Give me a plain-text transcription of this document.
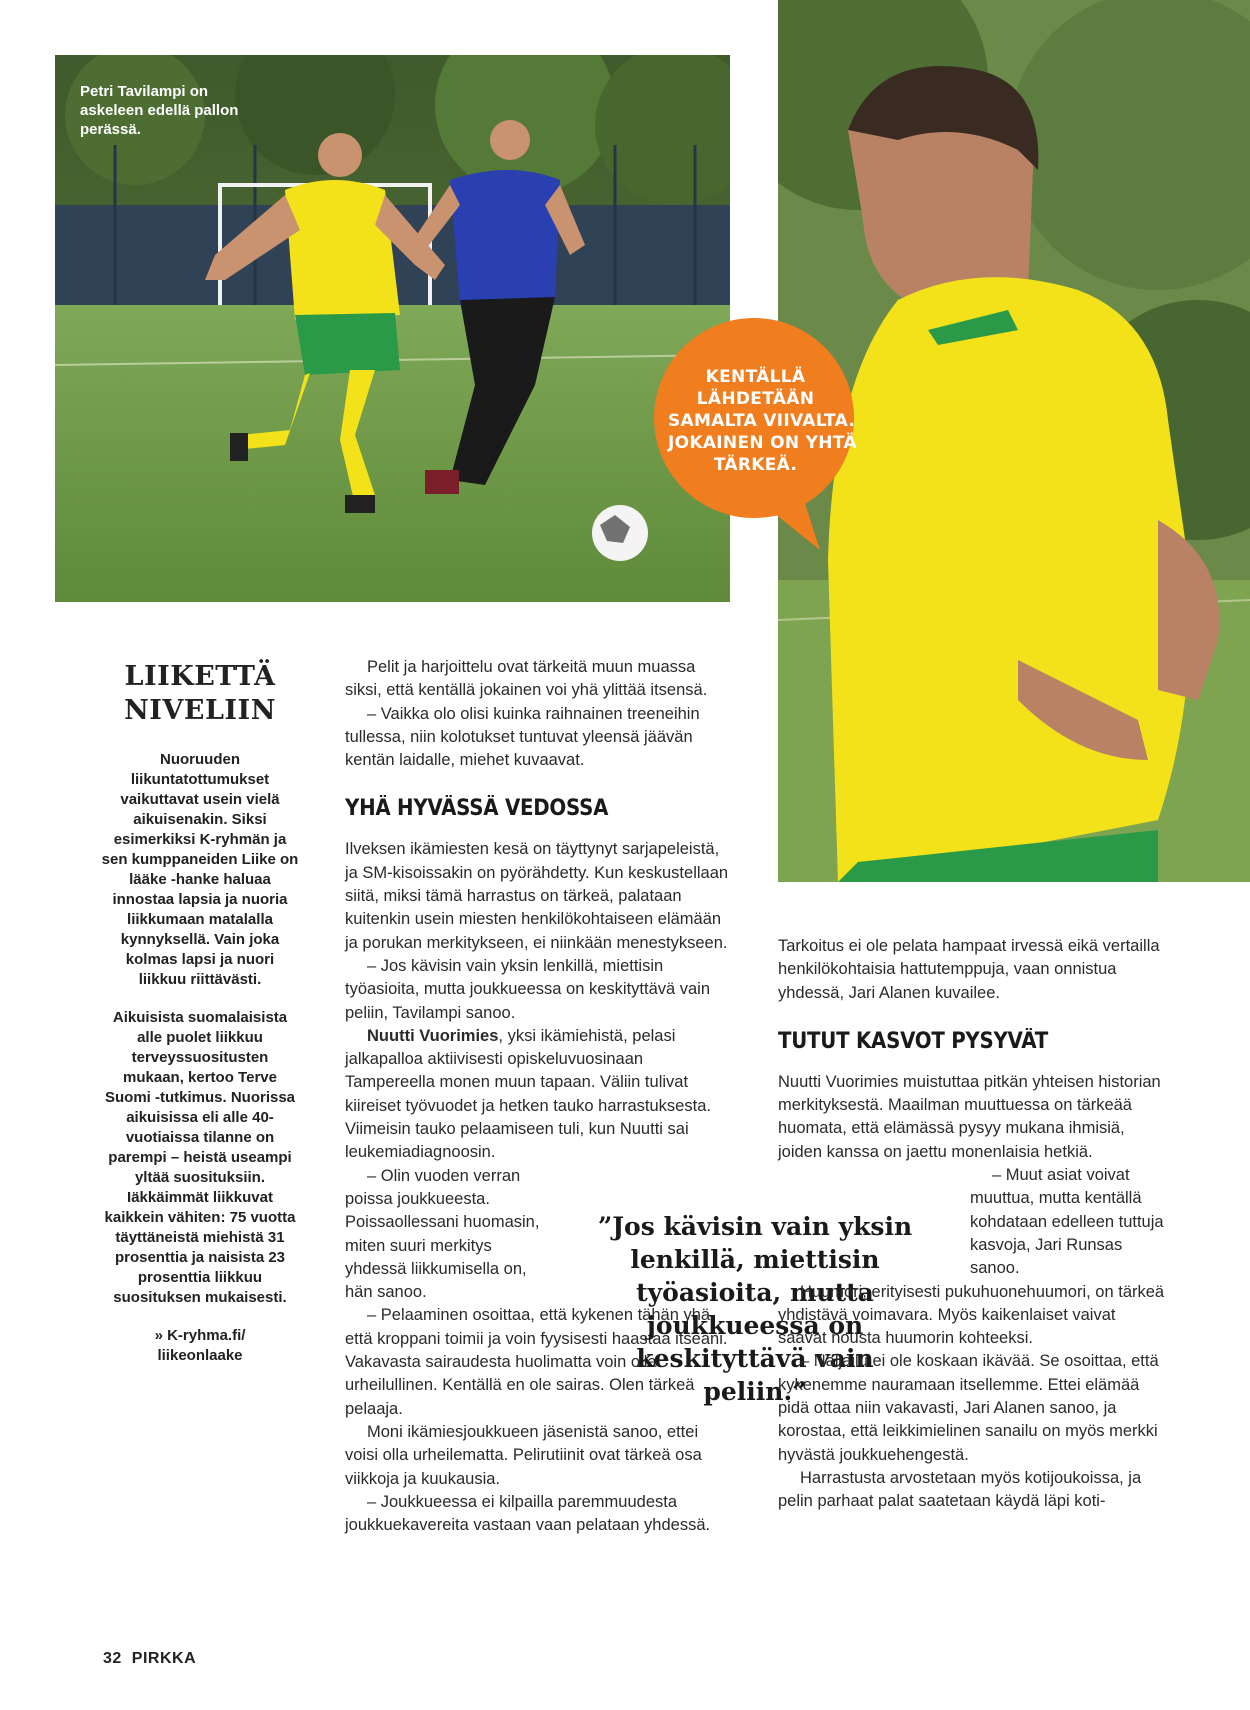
Petri Tavilampi on askeleen edellä pallon perässä.
KENTÄLLÄ
LÄHDETÄÄN
SAMALTA VIIVALTA.
JOKAINEN ON YHTÄ
TÄRKEÄ.
LIIKETTÄ
NIVELIIN

Nuoruuden liikuntatottumukset vaikuttavat usein vielä aikuisenakin. Siksi esimerkiksi K-ryhmän ja sen kumppaneiden Liike on lääke -hanke haluaa innostaa lapsia ja nuoria liikkumaan matalalla kynnyksellä. Vain joka kolmas lapsi ja nuori liikkuu riittävästi.

Aikuisista suomalaisista alle puolet liikkuu terveyssuositusten mukaan, kertoo Terve Suomi -tutkimus. Nuorissa aikuisissa eli alle 40-vuotiaissa tilanne on parempi – heistä useampi yltää suosituksiin. Iäkkäimmät liikkuvat kaikkein vähiten: 75 vuotta täyttäneistä miehistä 31 prosenttia ja naisista 23 prosenttia liikkuu suosituksen mukaisesti.

» K-ryhma.fi/
liikeonlaake

Pelit ja harjoittelu ovat tärkeitä muun muassa siksi, että kentällä jokainen voi yhä ylittää itsensä.

– Vaikka olo olisi kuinka raihnainen treeneihin tullessa, niin kolotukset tuntuvat yleensä jäävän kentän laidalle, miehet kuvaavat.

YHÄ HYVÄSSÄ VEDOSSA

Ilveksen ikämiesten kesä on täyttynyt sarjapeleistä, ja SM-kisoissakin on pyörähdetty. Kun keskustellaan siitä, miksi tämä harrastus on tärkeä, palataan kuitenkin usein miesten henkilökohtaiseen elämään ja porukan merkitykseen, ei niinkään menestykseen.

– Jos kävisin vain yksin lenkillä, miettisin työasioita, mutta joukkueessa on keskityttävä vain peliin, Tavilampi sanoo.

Nuutti Vuorimies, yksi ikämiehistä, pelasi jalkapalloa aktiivisesti opiskeluvuosinaan Tampereella monen muun tapaan. Väliin tulivat kiireiset työvuodet ja hetken tauko harrastuksesta. Viimeisin tauko pelaamiseen tuli, kun Nuutti sai leukemiadiagnoosin.

– Olin vuoden verran poissa joukkueesta. Poissaollessani huomasin, miten suuri merkitys yhdessä liikkumisella on, hän sanoo.

– Pelaaminen osoittaa, että kykenen tähän yhä, että kroppani toimii ja voin fyysisesti haastaa itseäni. Vakavasta sairaudesta huolimatta voin olla urheilullinen. Kentällä en ole sairas. Olen tärkeä pelaaja.

Moni ikämiesjoukkueen jäsenistä sanoo, ettei voisi olla urheilematta. Pelirutiinit ovat tärkeä osa viikkoja ja kuukausia.

– Joukkueessa ei kilpailla paremmuudesta joukkuekavereita vastaan vaan pelataan yhdessä.

”Jos kävisin vain yksin lenkillä, miettisin työasioita, mutta joukkueessa on keskityttävä vain peliin.”

Tarkoitus ei ole pelata hampaat irvessä eikä vertailla henkilökohtaisia hattutemppuja, vaan onnistua yhdessä, Jari Alanen kuvailee.

TUTUT KASVOT PYSYVÄT

Nuutti Vuorimies muistuttaa pitkän yhteisen historian merkityksestä. Maailman muuttuessa on tärkeää huomata, että elämässä pysyy mukana ihmisiä, joiden kanssa on jaettu monenlaisia hetkiä.

– Muut asiat voivat muuttua, mutta kentällä kohdataan edelleen tuttuja kasvoja, Jari Runsas sanoo.

Huumori, erityisesti pukuhuonehuumori, on tärkeä yhdistävä voimavara. Myös kaikenlaiset vaivat saavat nousta huumorin kohteeksi.

– Naljailu ei ole koskaan ikävää. Se osoittaa, että kykenemme nauramaan itsellemme. Ettei elämää pidä ottaa niin vakavasti, Jari Alanen sanoo, ja korostaa, että leikkimielinen sanailu on myös merkki hyvästä joukkuehengestä.

Harrastusta arvostetaan myös kotijoukoissa, ja pelin parhaat palat saatetaan käydä läpi koti-

32 PIRKKA
